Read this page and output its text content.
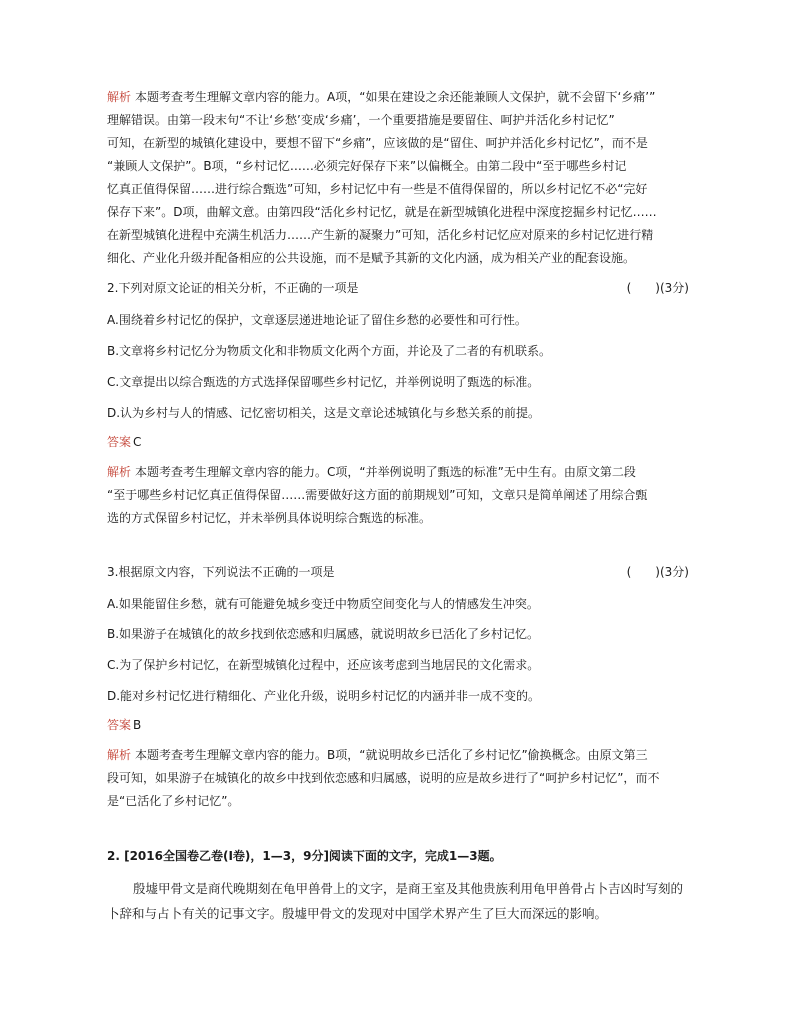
解析 本题考查考生理解文章内容的能力。A项，“如果在建设之余还能兼顾人文保护，就不会留下‘乡痛’”
理解错误。由第一段末句“不让‘乡愁’变成‘乡痛’，一个重要措施是要留住、呵护并活化乡村记忆”
可知，在新型的城镇化建设中，要想不留下“乡痛”，应该做的是“留住、呵护并活化乡村记忆”，而不是
“兼顾人文保护”。B项，“乡村记忆……必须完好保存下来”以偏概全。由第二段中“至于哪些乡村记
忆真正值得保留……进行综合甄选”可知，乡村记忆中有一些是不值得保留的，所以乡村记忆不必“完好
保存下来”。D项，曲解文意。由第四段“活化乡村记忆，就是在新型城镇化进程中深度挖掘乡村记忆……
在新型城镇化进程中充满生机活力……产生新的凝聚力”可知，活化乡村记忆应对原来的乡村记忆进行精
细化、产业化升级并配备相应的公共设施，而不是赋予其新的文化内涵，成为相关产业的配套设施。
2.下列对原文论证的相关分析，不正确的一项是	(　　)(3分)
A.围绕着乡村记忆的保护，文章逐层递进地论证了留住乡愁的必要性和可行性。
B.文章将乡村记忆分为物质文化和非物质文化两个方面，并论及了二者的有机联系。
C.文章提出以综合甄选的方式选择保留哪些乡村记忆，并举例说明了甄选的标准。
D.认为乡村与人的情感、记忆密切相关，这是文章论述城镇化与乡愁关系的前提。
答案 C
解析 本题考查考生理解文章内容的能力。C项，“并举例说明了甄选的标准”无中生有。由原文第二段
“至于哪些乡村记忆真正值得保留……需要做好这方面的前期规划”可知，文章只是简单阐述了用综合甄
选的方式保留乡村记忆，并未举例具体说明综合甄选的标准。
3.根据原文内容，下列说法不正确的一项是	(　　)(3分)
A.如果能留住乡愁，就有可能避免城乡变迁中物质空间变化与人的情感发生冲突。
B.如果游子在城镇化的故乡找到依恋感和归属感，就说明故乡已活化了乡村记忆。
C.为了保护乡村记忆，在新型城镇化过程中，还应该考虑到当地居民的文化需求。
D.能对乡村记忆进行精细化、产业化升级，说明乡村记忆的内涵并非一成不变的。
答案 B
解析 本题考查考生理解文章内容的能力。B项，“就说明故乡已活化了乡村记忆”偷换概念。由原文第三
段可知，如果游子在城镇化的故乡中找到依恋感和归属感，说明的应是故乡进行了“呵护乡村记忆”，而不
是“已活化了乡村记忆”。
2. [2016全国卷乙卷(Ⅰ卷)，1—3，9分]阅读下面的文字，完成1—3题。
殷墟甲骨文是商代晚期刻在龟甲兽骨上的文字，是商王室及其他贵族利用龟甲兽骨占卜吉凶时写刻的
卜辞和与占卜有关的记事文字。殷墟甲骨文的发现对中国学术界产生了巨大而深远的影响。
